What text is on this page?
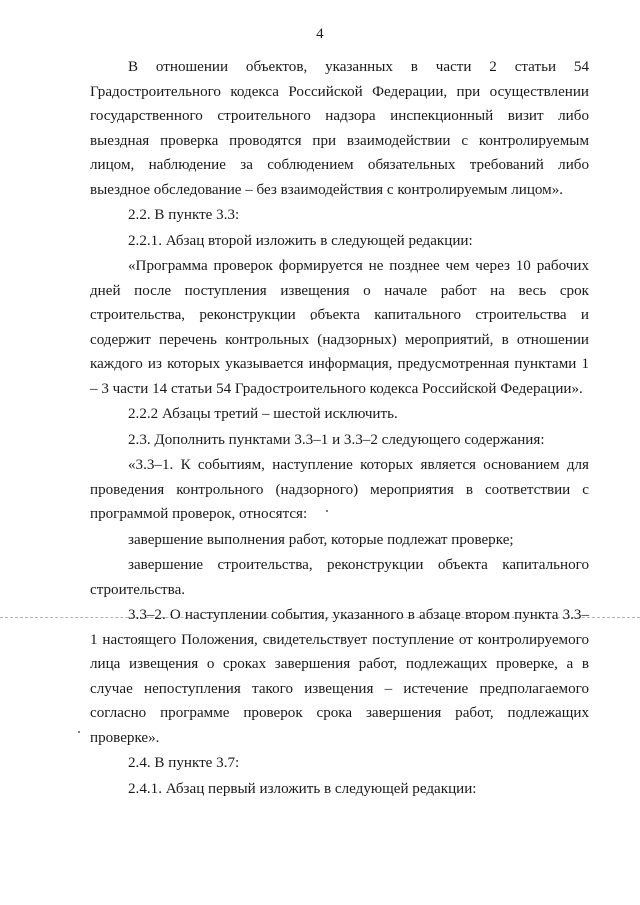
4

В отношении объектов, указанных в части 2 статьи 54 Градостроительного кодекса Российской Федерации, при осуществлении государственного строительного надзора инспекционный визит либо выездная проверка проводятся при взаимодействии с контролируемым лицом, наблюдение за соблюдением обязательных требований либо выездное обследование – без взаимодействия с контролируемым лицом».

2.2. В пункте 3.3:

2.2.1. Абзац второй изложить в следующей редакции:

«Программа проверок формируется не позднее чем через 10 рабочих дней после поступления извещения о начале работ на весь срок строительства, реконструкции объекта капитального строительства и содержит перечень контрольных (надзорных) мероприятий, в отношении каждого из которых указывается информация, предусмотренная пунктами 1 – 3 части 14 статьи 54 Градостроительного кодекса Российской Федерации».

2.2.2 Абзацы третий – шестой исключить.

2.3. Дополнить пунктами 3.3–1 и 3.3–2 следующего содержания:

«3.3–1. К событиям, наступление которых является основанием для проведения контрольного (надзорного) мероприятия в соответствии с программой проверок, относятся:

завершение выполнения работ, которые подлежат проверке;

завершение строительства, реконструкции объекта капитального строительства.

3.3–2. О наступлении события, указанного в абзаце втором пункта 3.3–1 настоящего Положения, свидетельствует поступление от контролируемого лица извещения о сроках завершения работ, подлежащих проверке, а в случае непоступления такого извещения – истечение предполагаемого согласно программе проверок срока завершения работ, подлежащих проверке».

2.4. В пункте 3.7:

2.4.1. Абзац первый изложить в следующей редакции:
